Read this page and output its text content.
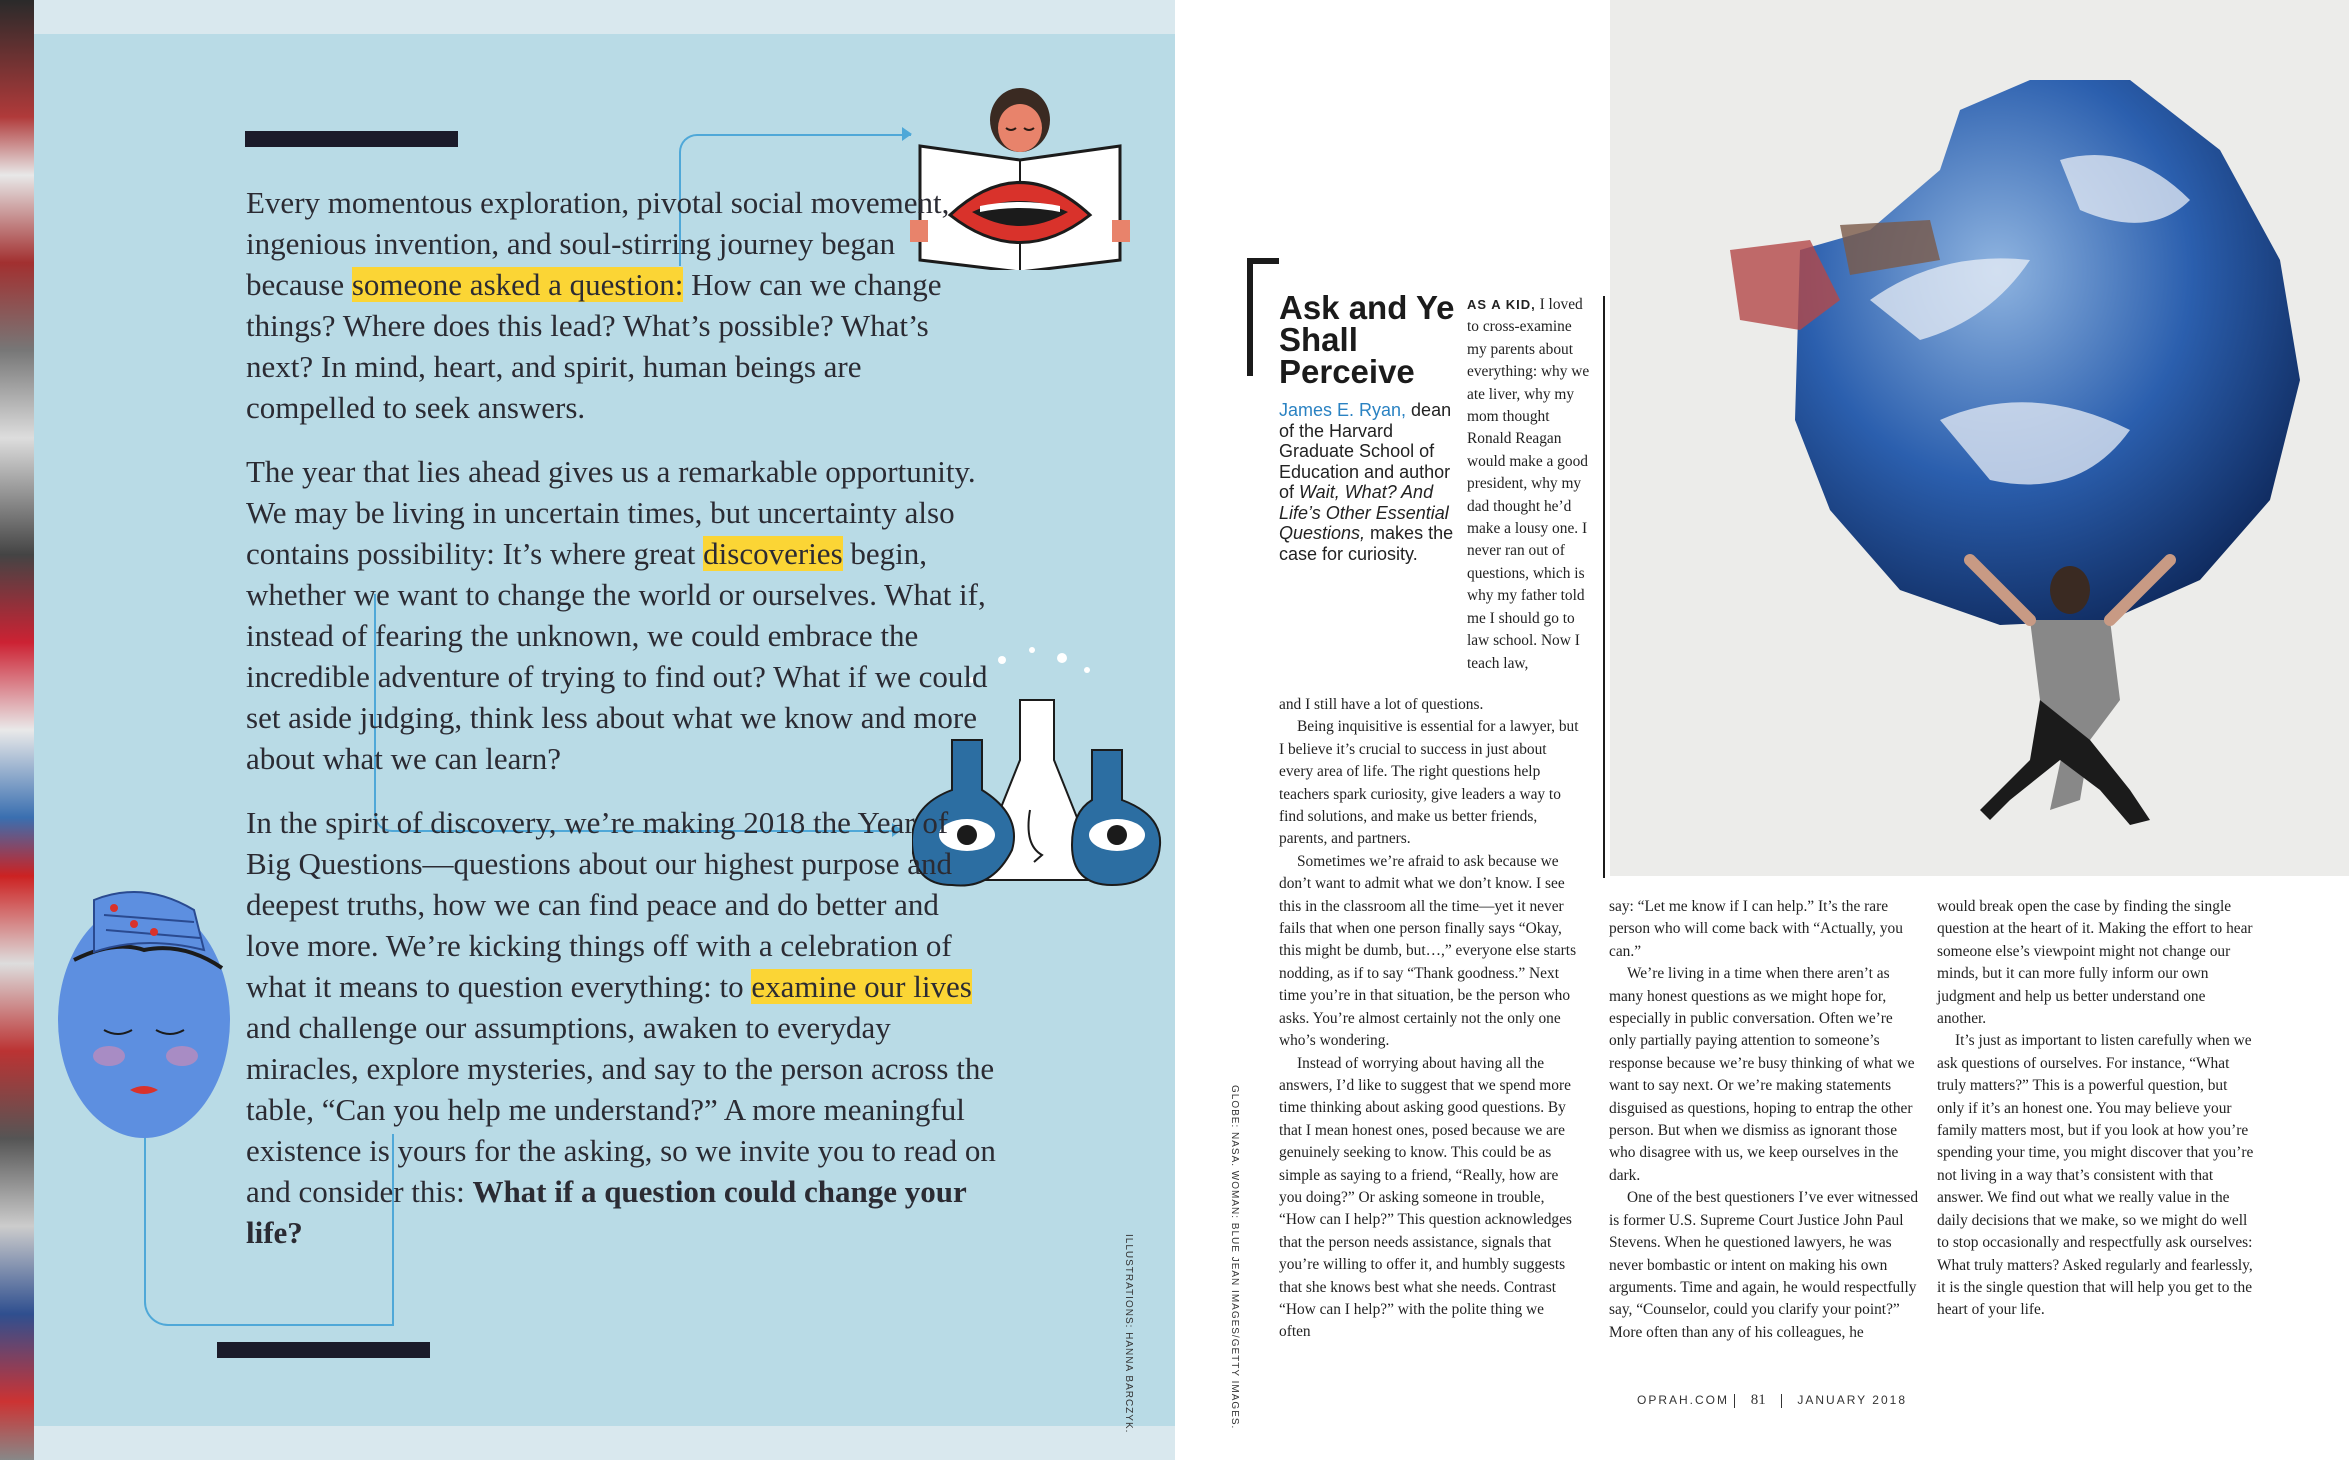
Every momentous exploration, pivotal social movement, ingenious invention, and soul-stirring journey began because someone asked a question: How can we change things? Where does this lead? What’s possible? What’s next? In mind, heart, and spirit, human beings are compelled to seek answers.

The year that lies ahead gives us a remarkable opportunity. We may be living in uncertain times, but uncertainty also contains possibility: It’s where great discoveries begin, whether we want to change the world or ourselves. What if, instead of fearing the unknown, we could embrace the incredible adventure of trying to find out? What if we could set aside judging, think less about what we know and more about what we can learn?

In the spirit of discovery, we’re making 2018 the Year of Big Questions—questions about our highest purpose and deepest truths, how we can find peace and do better and love more. We’re kicking things off with a celebration of what it means to question everything: to examine our lives and challenge our assumptions, awaken to everyday miracles, explore mysteries, and say to the person across the table, “Can you help me understand?” A more meaningful existence is yours for the asking, so we invite you to read on and consider this: What if a question could change your life?

ILLUSTRATIONS: HANNA BARCZYK.
Ask and Ye Shall Perceive
James E. Ryan, dean of the Harvard Graduate School of Education and author of Wait, What? And Life’s Other Essential Questions, makes the case for curiosity.

AS A KID, I loved to cross-examine my parents about everything: why we ate liver, why my mom thought Ronald Reagan would make a good president, why my dad thought he’d make a lousy one. I never ran out of questions, which is why my father told me I should go to law school. Now I teach law,

and I still have a lot of questions.

Being inquisitive is essential for a lawyer, but I believe it’s crucial to success in just about every area of life. The right questions help teachers spark curiosity, give leaders a way to find solutions, and make us better friends, parents, and partners.

Sometimes we’re afraid to ask because we don’t want to admit what we don’t know. I see this in the classroom all the time—yet it never fails that when one person finally says “Okay, this might be dumb, but…,” everyone else starts nodding, as if to say “Thank goodness.” Next time you’re in that situation, be the person who asks. You’re almost certainly not the only one who’s wondering.

Instead of worrying about having all the answers, I’d like to suggest that we spend more time thinking about asking good questions. By that I mean honest ones, posed because we are genuinely seeking to know. This could be as simple as saying to a friend, “Really, how are you doing?” Or asking someone in trouble, “How can I help?” This question acknowledges that the person needs assistance, signals that you’re willing to offer it, and humbly suggests that she knows best what she needs. Contrast “How can I help?” with the polite thing we often

say: “Let me know if I can help.” It’s the rare person who will come back with “Actually, you can.”

We’re living in a time when there aren’t as many honest questions as we might hope for, especially in public conversation. Often we’re only partially paying attention to someone’s response because we’re busy thinking of what we want to say next. Or we’re making statements disguised as questions, hoping to entrap the other person. But when we dismiss as ignorant those who disagree with us, we keep ourselves in the dark.

One of the best questioners I’ve ever witnessed is former U.S. Supreme Court Justice John Paul Stevens. When he questioned lawyers, he was never bombastic or intent on making his own arguments. Time and again, he would respectfully say, “Counselor, could you clarify your point?” More often than any of his colleagues, he

would break open the case by finding the single question at the heart of it. Making the effort to hear someone else’s viewpoint might not change our minds, but it can more fully inform our own judgment and help us better understand one another.

It’s just as important to listen carefully when we ask questions of ourselves. For instance, “What truly matters?” This is a powerful question, but only if it’s an honest one. You may believe your family matters most, but if you look at how you’re spending your time, you might discover that you’re not living in a way that’s consistent with that answer. We find out what we really value in the daily decisions that we make, so we might do well to stop occasionally and respectfully ask ourselves: What truly matters? Asked regularly and fearlessly, it is the single question that will help you get to the heart of your life.

GLOBE: NASA. WOMAN: BLUE JEAN IMAGES/GETTY IMAGES.	OPRAH.COM 81	JANUARY 2018
